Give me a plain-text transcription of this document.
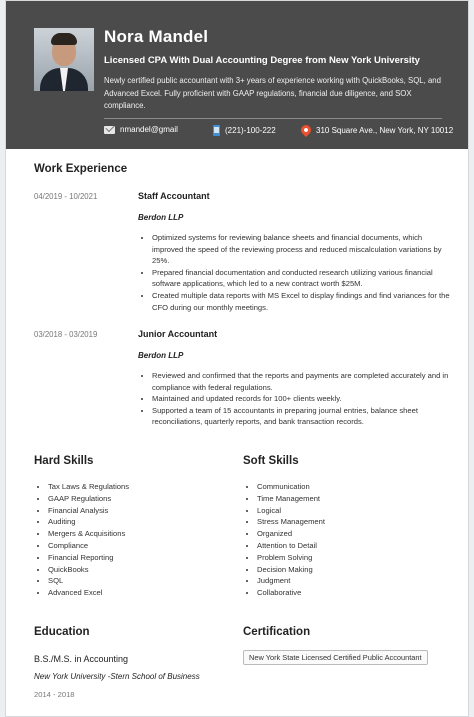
Nora Mandel
Licensed CPA With Dual Accounting Degree from New York University
Newly certified public accountant with 3+ years of experience working with QuickBooks, SQL, and Advanced Excel. Fully proficient with GAAP regulations, financial due diligence, and SOX compliance.
nmandel@gmail	(221)-100-222	310 Square Ave., New York, NY 10012
Work Experience
04/2019 - 10/2021	Staff Accountant
Berdon LLP
• Optimized systems for reviewing balance sheets and financial documents, which improved the speed of the reviewing process and reduced miscalculation variations by 25%.
• Prepared financial documentation and conducted research utilizing various financial software applications, which led to a new contract worth $25M.
• Created multiple data reports with MS Excel to display findings and find variances for the CFO during our monthly meetings.
03/2018 - 03/2019	Junior Accountant
Berdon LLP
• Reviewed and confirmed that the reports and payments are completed accurately and in compliance with federal regulations.
• Maintained and updated records for 100+ clients weekly.
• Supported a team of 15 accountants in preparing journal entries, balance sheet reconciliations, quarterly reports, and bank transaction records.
Hard Skills
• Tax Laws & Regulations
• GAAP Regulations
• Financial Analysis
• Auditing
• Mergers & Acquisitions
• Compliance
• Financial Reporting
• QuickBooks
• SQL
• Advanced Excel
Soft Skills
• Communication
• Time Management
• Logical
• Stress Management
• Organized
• Attention to Detail
• Problem Solving
• Decision Making
• Judgment
• Collaborative
Education
B.S./M.S. in Accounting
New York University -Stern School of Business
2014 - 2018
Certification
New York State Licensed Certified Public Accountant
